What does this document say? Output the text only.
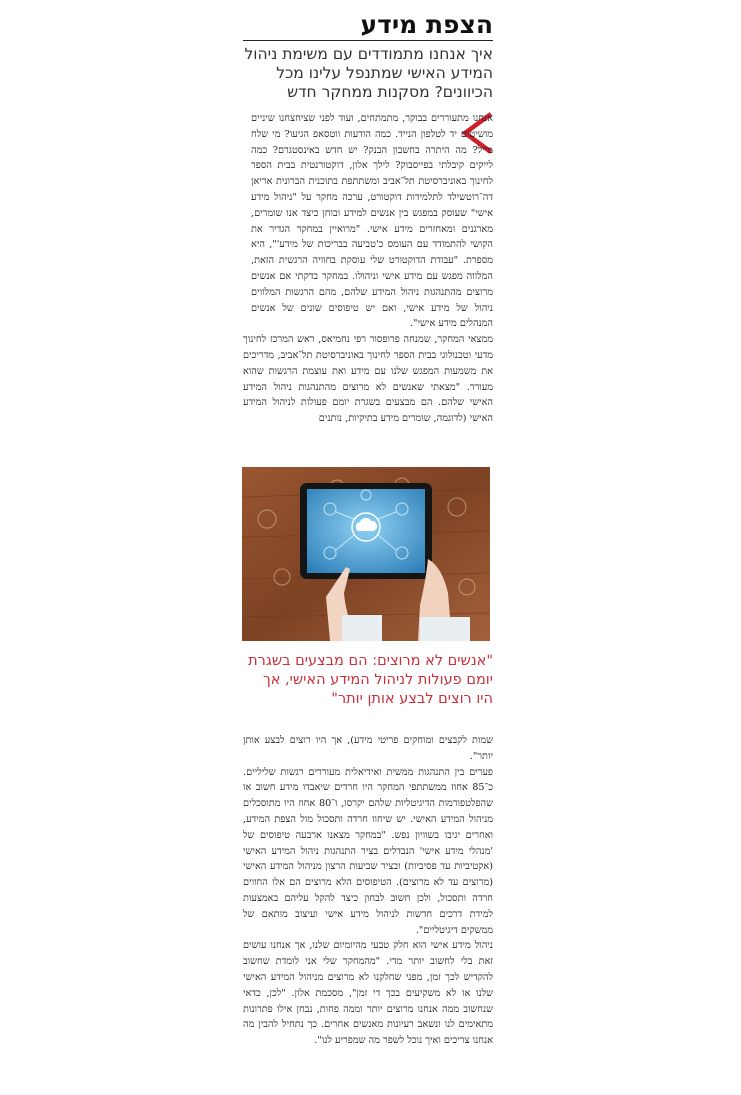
הצפת מידע
איך אנחנו מתמודדים עם משימת ניהול המידע האישי שמתנפל עלינו מכל הכיוונים? מסקנות ממחקר חדש

אנחנו מתעוררים בבוקר, מתמתחים, ועוד לפני שציחצחנו שיניים מושיטים יד לטלפון הנייד. כמה הודעות ווטסאפ הגיעו? מי שלח מייל? מה היתרה בחשבון הבנק? יש חדש באינסטגרם? כמה לייקים קיבלתי בפייסבוק? לילך אלון, דוקטורנטית בבית הספר לחינוך באוניברסיטת תל־אביב ומשתתפת בתוכנית הברונית אריאן דה־רוטשילד לתלמידות דוקטורט, ערכה מחקר על "ניהול מידע אישי" שעוסק במפגש בין אנשים למידע ובוחן כיצד אנו שומרים, מארגנים ומאחזרים מידע אישי. "מרואיין במחקר הגדיר את הקושי להתמודד עם העומס כ'טביעה בבריכות של מידע'", היא מספרת. "עבודת הדוקטורט שלי עוסקת בחוויה הרגשית הזאת, המלווה מפגש עם מידע אישי וניהולו. במחקר בדקתי אם אנשים מרוצים מהתנהגות ניהול המידע שלהם, מהם הרגשות המלווים ניהול של מידע אישי, ואם יש טיפוסים שונים של אנשים המנהלים מידע אישי".

ממצאי המחקר, שמנחה פרופסור רפי נחמיאס, ראש המרכז לחינוך מדעי וטכנולוגי בבית הספר לחינוך באוניברסיטת תל־אביב, מדריכים את משמעות המפגש שלנו עם מידע ואת עוצמת הרגשות שהוא מעורר. "מצאתי שאנשים לא מרוצים מהתנהגות ניהול המידע האישי שלהם. הם מבצעים בשגרת יומם פעולות לניהול המידע האישי (לדוגמה, שומרים מידע בתיקיות, נותנים

"אנשים לא מרוצים: הם מבצעים בשגרת יומם פעולות לניהול המידע האישי, אך היו רוצים לבצע אותן יותר"

שמות לקבצים ומוחקים פריטי מידע), אך היו רוצים לבצע אותן יותר".

פערים בין התנהגות ממשית ואידיאלית מעוררים רגשות שליליים. כ־85 אחוז ממשתתפי המחקר היו חרדים שיאבדו מידע חשוב או שהפלטפורמות הדיגיטליות שלהם יקרסו, ו־80 אחוז היו מתוסכלים מניהול המידע האישי. יש שיחוו חרדה ותסכול מול הצפת המידע, ואחרים יגיבו בשוויון נפש. "במחקר מצאנו ארבעה טיפוסים של 'מנהלי מידע אישי' הנבדלים בציר התנהגות ניהול המידע האישי (אקטיביות עד פסיביות) ובציר שביעות הרצון מניהול המידע האישי (מרוצים עד לא מרוצים). הטיפוסים הלא מרוצים הם אלו החווים חרדה ותסכול, ולכן חשוב לבחון כיצד להקל עליהם באמצעות למידת דרכים חדשות לניהול מידע אישי ועיצוב מותאם של ממשקים דיגיטליים".

ניהול מידע אישי הוא חלק טבעי מהיומיום שלנו, אך אנחנו עושים זאת בלי לחשוב יותר מדי. "מהמחקר שלי אני לומדת שחשוב להקדיש לכך זמן, מפני שחלקנו לא מרוצים מניהול המידע האישי שלנו או לא משקיעים בכך די זמן", מסכמת אלון. "לכן, כדאי שנחשוב ממה אנחנו מרוצים יותר וממה פחות, נבחן אילו פתרונות מתאימים לנו ונשאב רעיונות מאנשים אחרים. כך נתחיל להבין מה אנחנו צריכים ואיך נוכל לשפר מה שמפריע לנו".
